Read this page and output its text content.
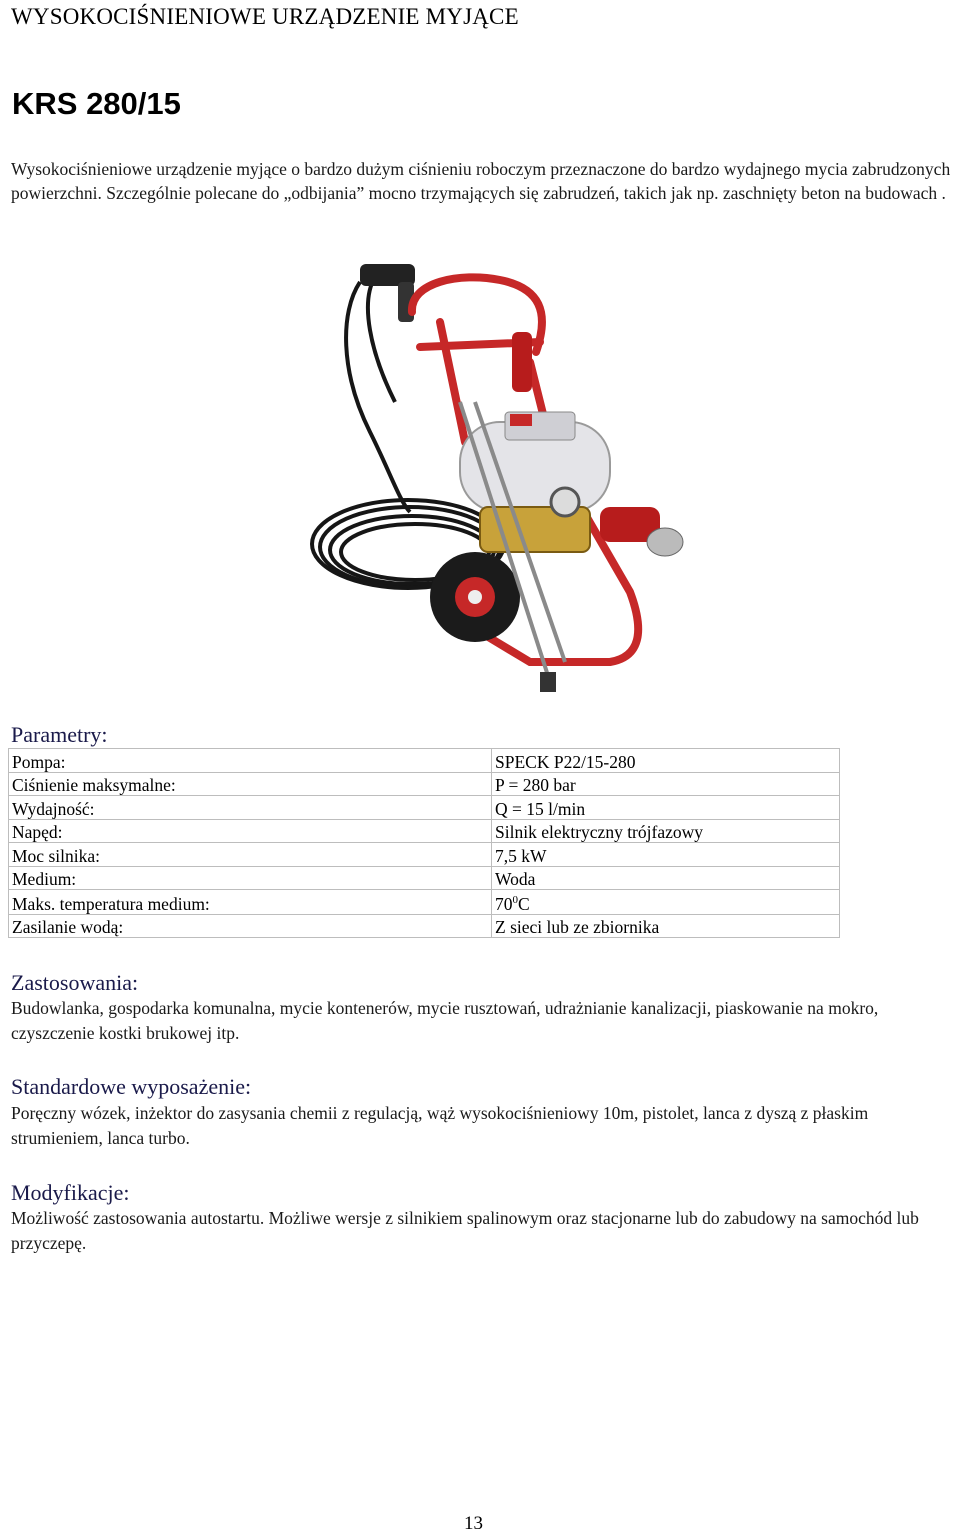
WYSOKOCIŚNIENIOWE URZĄDZENIE MYJĄCE
KRS 280/15
Wysokociśnieniowe urządzenie myjące o bardzo dużym ciśnieniu roboczym przeznaczone do bardzo wydajnego mycia zabrudzonych powierzchni. Szczególnie polecane do „odbijania” mocno trzymających się zabrudzeń, takich jak np. zaschnięty beton na budowach .
Parametry:
Pompa:	SPECK P22/15-280
Ciśnienie maksymalne:	P = 280 bar
Wydajność:	Q = 15 l/min
Napęd:	Silnik elektryczny trójfazowy
Moc silnika:	7,5 kW
Medium:	Woda
Maks. temperatura medium:	$70^0C$
Zasilanie wodą:	Z sieci lub ze zbiornika
Zastosowania:
Budowlanka, gospodarka komunalna, mycie kontenerów, mycie rusztowań, udrażnianie kanalizacji, piaskowanie na mokro, czyszczenie kostki brukowej itp.
Standardowe wyposażenie:
Poręczny wózek, inżektor do zasysania chemii z regulacją, wąż wysokociśnieniowy 10m, pistolet, lanca z dyszą z płaskim strumieniem, lanca turbo.
Modyfikacje:
Możliwość zastosowania autostartu. Możliwe wersje z silnikiem spalinowym oraz stacjonarne lub do zabudowy na samochód lub przyczepę.
13
